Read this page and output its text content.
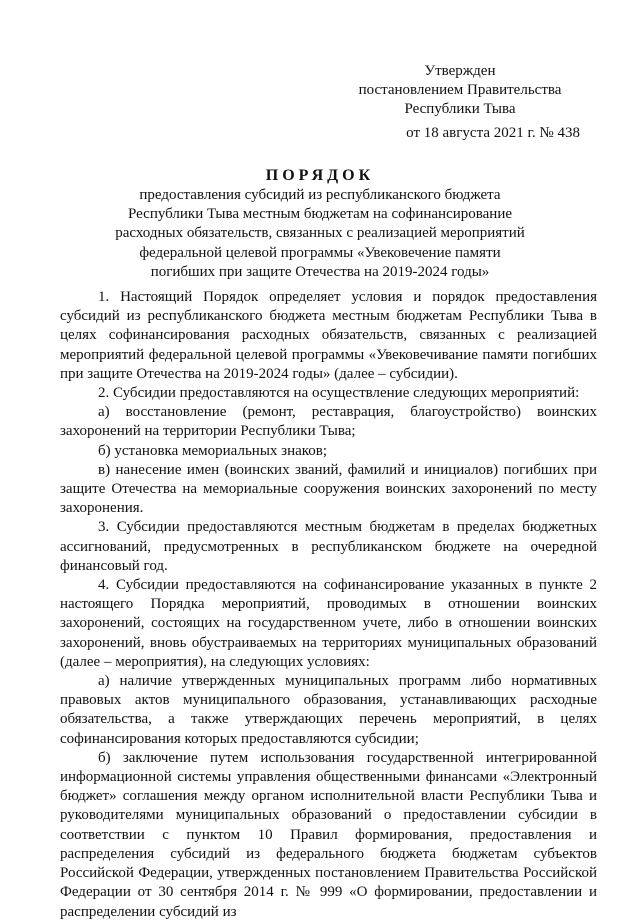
Утвержден
постановлением Правительства
Республики Тыва
от 18 августа 2021 г. № 438
ПОРЯДОК
предоставления субсидий из республиканского бюджета Республики Тыва местным бюджетам на софинансирование расходных обязательств, связанных с реализацией мероприятий федеральной целевой программы «Увековечение памяти погибших при защите Отечества на 2019-2024 годы»

1. Настоящий Порядок определяет условия и порядок предоставления субсидий из республиканского бюджета местным бюджетам Республики Тыва в целях софинансирования расходных обязательств, связанных с реализацией мероприятий федеральной целевой программы «Увековечивание памяти погибших при защите Отечества на 2019-2024 годы» (далее – субсидии).

2. Субсидии предоставляются на осуществление следующих мероприятий:

а) восстановление (ремонт, реставрация, благоустройство) воинских захоронений на территории Республики Тыва;

б) установка мемориальных знаков;

в) нанесение имен (воинских званий, фамилий и инициалов) погибших при защите Отечества на мемориальные сооружения воинских захоронений по месту захоронения.

3. Субсидии предоставляются местным бюджетам в пределах бюджетных ассигнований, предусмотренных в республиканском бюджете на очередной финансовый год.

4. Субсидии предоставляются на софинансирование указанных в пункте 2 настоящего Порядка мероприятий, проводимых в отношении воинских захоронений, состоящих на государственном учете, либо в отношении воинских захоронений, вновь обустраиваемых на территориях муниципальных образований (далее – мероприятия), на следующих условиях:

а) наличие утвержденных муниципальных программ либо нормативных правовых актов муниципального образования, устанавливающих расходные обязательства, а также утверждающих перечень мероприятий, в целях софинансирования которых предоставляются субсидии;

б) заключение путем использования государственной интегрированной информационной системы управления общественными финансами «Электронный бюджет» соглашения между органом исполнительной власти Республики Тыва и руководителями муниципальных образований о предоставлении субсидии в соответствии с пунктом 10 Правил формирования, предоставления и распределения субсидий из федерального бюджета бюджетам субъектов Российской Федерации, утвержденных постановлением Правительства Российской Федерации от 30 сентября 2014 г. № 999 «О формировании, предоставлении и распределении субсидий из
